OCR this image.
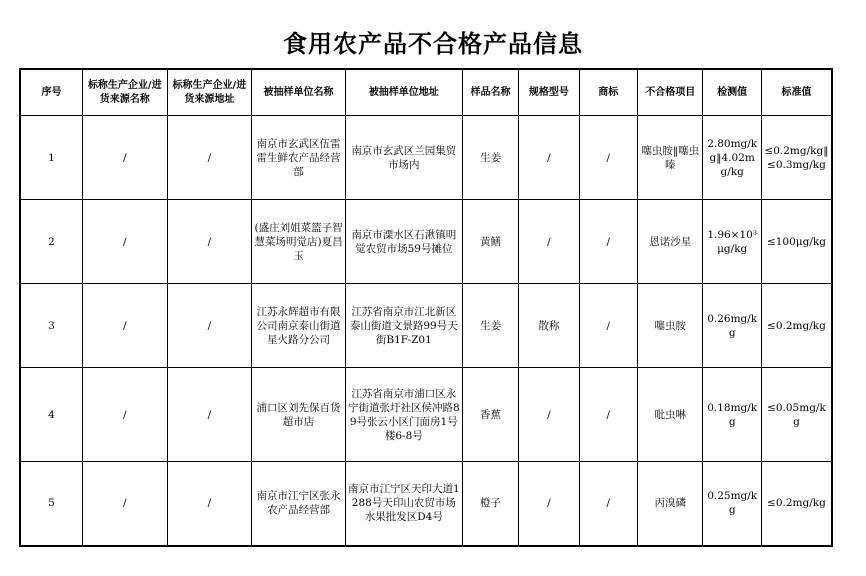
食用农产品不合格产品信息
序号	标称生产企业/进货来源名称	标称生产企业/进货来源地址	被抽样单位名称	被抽样单位地址	样品名称	规格型号	商标	不合格项目	检测值	标准值
1	/	/	南京市玄武区伍雷雷生鲜农产品经营部	南京市玄武区兰园集贸市场内	生姜	/	/	噻虫胺‖噻虫嗪	2.80mg/kg‖4.02mg/kg	≤0.2mg/kg‖≤0.3mg/kg
2	/	/	(盛庄刘姐菜篮子智慧菜场明觉店)夏昌玉	南京市溧水区石湫镇明觉农贸市场59号摊位	黄鳝	/	/	恩诺沙星	1.96×10³μg/kg	≤100μg/kg
3	/	/	江苏永辉超市有限公司南京泰山街道星火路分公司	江苏省南京市江北新区泰山街道文景路99号天街B1F-Z01	生姜	散称	/	噻虫胺	0.26mg/kg	≤0.2mg/kg
4	/	/	浦口区刘先保百货超市店	江苏省南京市浦口区永宁街道张圩社区侯冲路89号张云小区门面房1号楼6-8号	香蕉	/	/	吡虫啉	0.18mg/kg	≤0.05mg/kg
5	/	/	南京市江宁区张永农产品经营部	南京市江宁区天印大道1288号天印山农贸市场水果批发区D4号	橙子	/	/	丙溴磷	0.25mg/kg	≤0.2mg/kg
